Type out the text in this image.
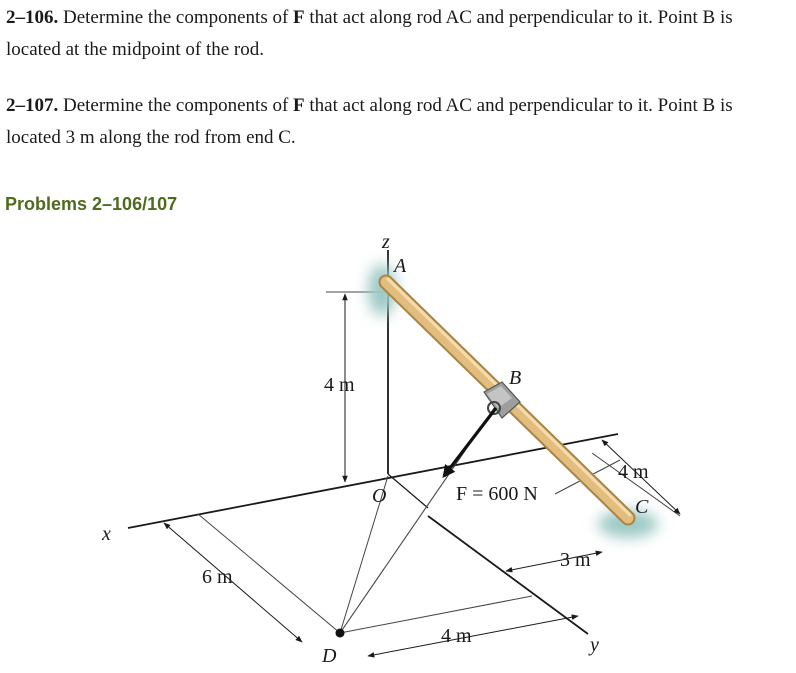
2–106. Determine the components of F that act along rod AC and perpendicular to it. Point B is located at the midpoint of the rod.
2–107. Determine the components of F that act along rod AC and perpendicular to it. Point B is located 3 m along the rod from end C.
Problems 2–106/107
z
A
4 m	B
O	F = 600 N
4 m
C
x
3 m
6 m
4 m	y
D
